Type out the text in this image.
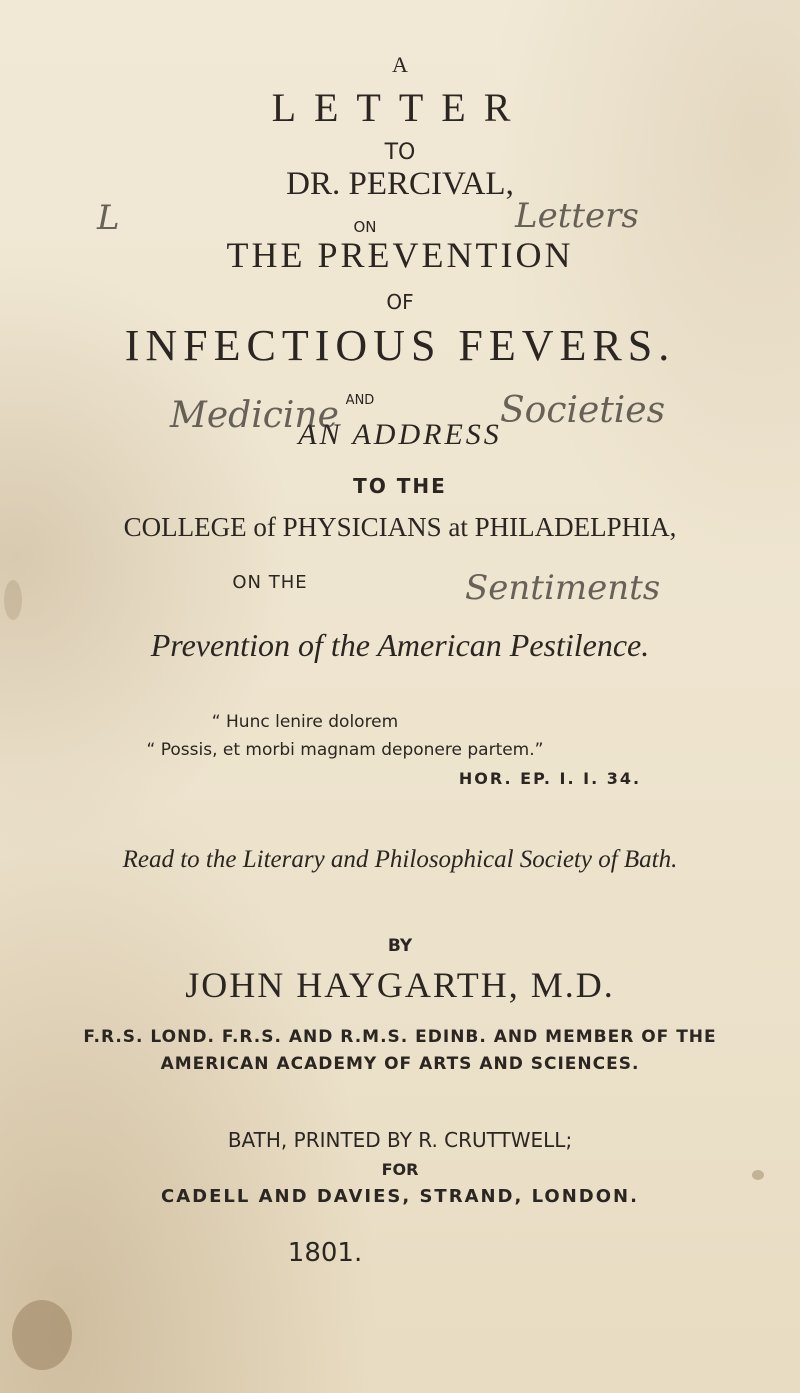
A
LETTER
TO
DR. PERCIVAL,
ON
THE PREVENTION
OF
INFECTIOUS FEVERS.
AND
AN ADDRESS
TO THE
COLLEGE of PHYSICIANS at PHILADELPHIA,
ON THE
Prevention of the American Pestilence.
“ Hunc lenire dolorem
“ Possis, et morbi magnam deponere partem.”
HOR. EP. I. I. 34.
Read to the Literary and Philosophical Society of Bath.
BY
JOHN HAYGARTH, M.D.
F.R.S. LOND. F.R.S. AND R.M.S. EDINB. AND MEMBER OF THE
AMERICAN ACADEMY OF ARTS AND SCIENCES.
BATH, PRINTED BY R. CRUTTWELL;
FOR
CADELL AND DAVIES, STRAND, LONDON.
1801.
L	Letters
Medicine	Societies
Sentiments
